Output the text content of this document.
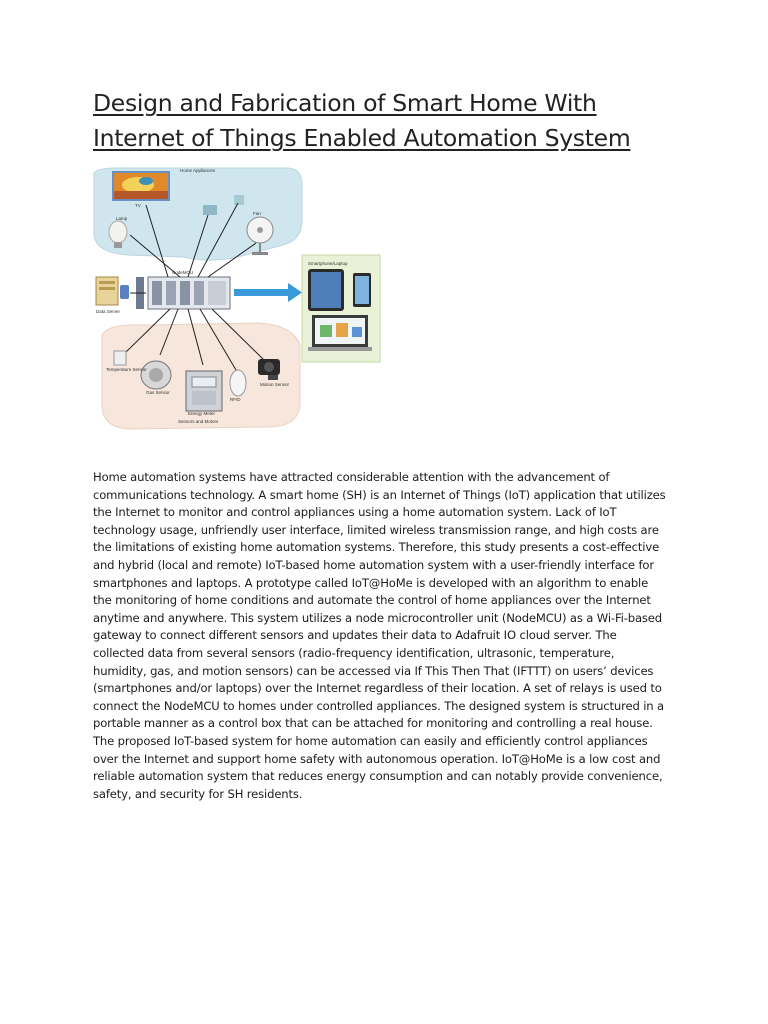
Design and Fabrication of Smart Home With
Internet of Things Enabled Automation System
Home Appliances
Lamp
Fan
TV
Data Server
Smartphone/Laptop
Sensors and Motors
Temperature Sensor
Gas Sensor
Energy Meter
RFID
Motion Sensor
NodeMCU

Home automation systems have attracted considerable attention with the advancement of
communications technology. A smart home (SH) is an Internet of Things (IoT) application that utilizes
the Internet to monitor and control appliances using a home automation system. Lack of IoT
technology usage, unfriendly user interface, limited wireless transmission range, and high costs are
the limitations of existing home automation systems. Therefore, this study presents a cost-effective
and hybrid (local and remote) IoT-based home automation system with a user-friendly interface for
smartphones and laptops. A prototype called IoT@HoMe is developed with an algorithm to enable
the monitoring of home conditions and automate the control of home appliances over the Internet
anytime and anywhere. This system utilizes a node microcontroller unit (NodeMCU) as a Wi-Fi-based
gateway to connect different sensors and updates their data to Adafruit IO cloud server. The
collected data from several sensors (radio-frequency identification, ultrasonic, temperature,
humidity, gas, and motion sensors) can be accessed via If This Then That (IFTTT) on users’ devices
(smartphones and/or laptops) over the Internet regardless of their location. A set of relays is used to
connect the NodeMCU to homes under controlled appliances. The designed system is structured in a
portable manner as a control box that can be attached for monitoring and controlling a real house.
The proposed IoT-based system for home automation can easily and efficiently control appliances
over the Internet and support home safety with autonomous operation. IoT@HoMe is a low cost and
reliable automation system that reduces energy consumption and can notably provide convenience,
safety, and security for SH residents.
